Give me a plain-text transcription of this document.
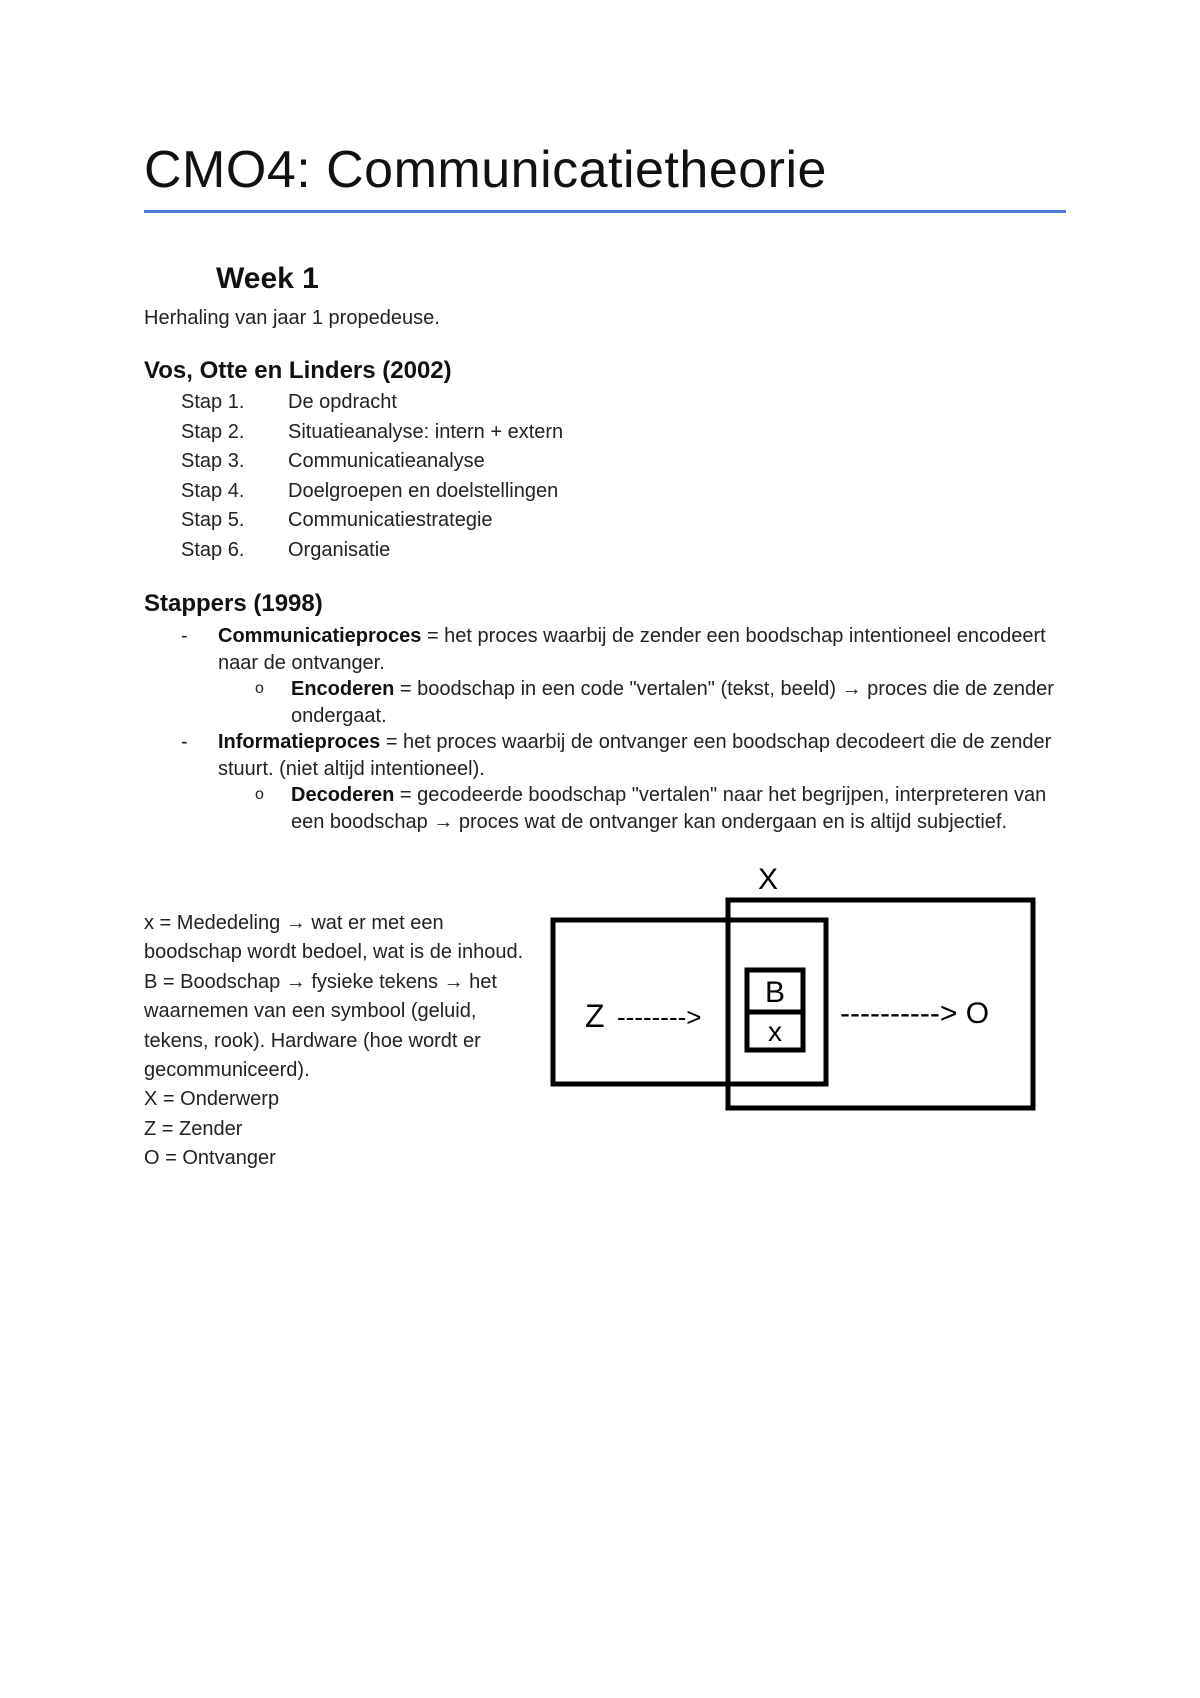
CMO4: Communicatietheorie
Week 1

Herhaling van jaar 1 propedeuse.

Vos, Otte en Linders (2002)
Stap 1.	De opdracht
Stap 2.	Situatieanalyse: intern + extern
Stap 3.	Communicatieanalyse
Stap 4.	Doelgroepen en doelstellingen
Stap 5.	Communicatiestrategie
Stap 6.	Organisatie
Stappers (1998)
-	Communicatieproces = het proces waarbij de zender een boodschap intentioneel encodeert naar de ontvanger.
o	Encoderen = boodschap in een code "vertalen" (tekst, beeld) → proces die de zender ondergaat.
-	Informatieproces = het proces waarbij de ontvanger een boodschap decodeert die de zender stuurt. (niet altijd intentioneel).
o	Decoderen = gecodeerde boodschap "vertalen" naar het begrijpen, interpreteren van een boodschap → proces wat de ontvanger kan ondergaan en is altijd subjectief.

x = Mededeling → wat er met een boodschap wordt bedoel, wat is de inhoud.

B = Boodschap → fysieke tekens → het waarnemen van een symbool (geluid, tekens, rook). Hardware (hoe wordt er gecommuniceerd).

X = Onderwerp

Z = Zender

O = Ontvanger

X
B
x
Z -------->	----------> O
